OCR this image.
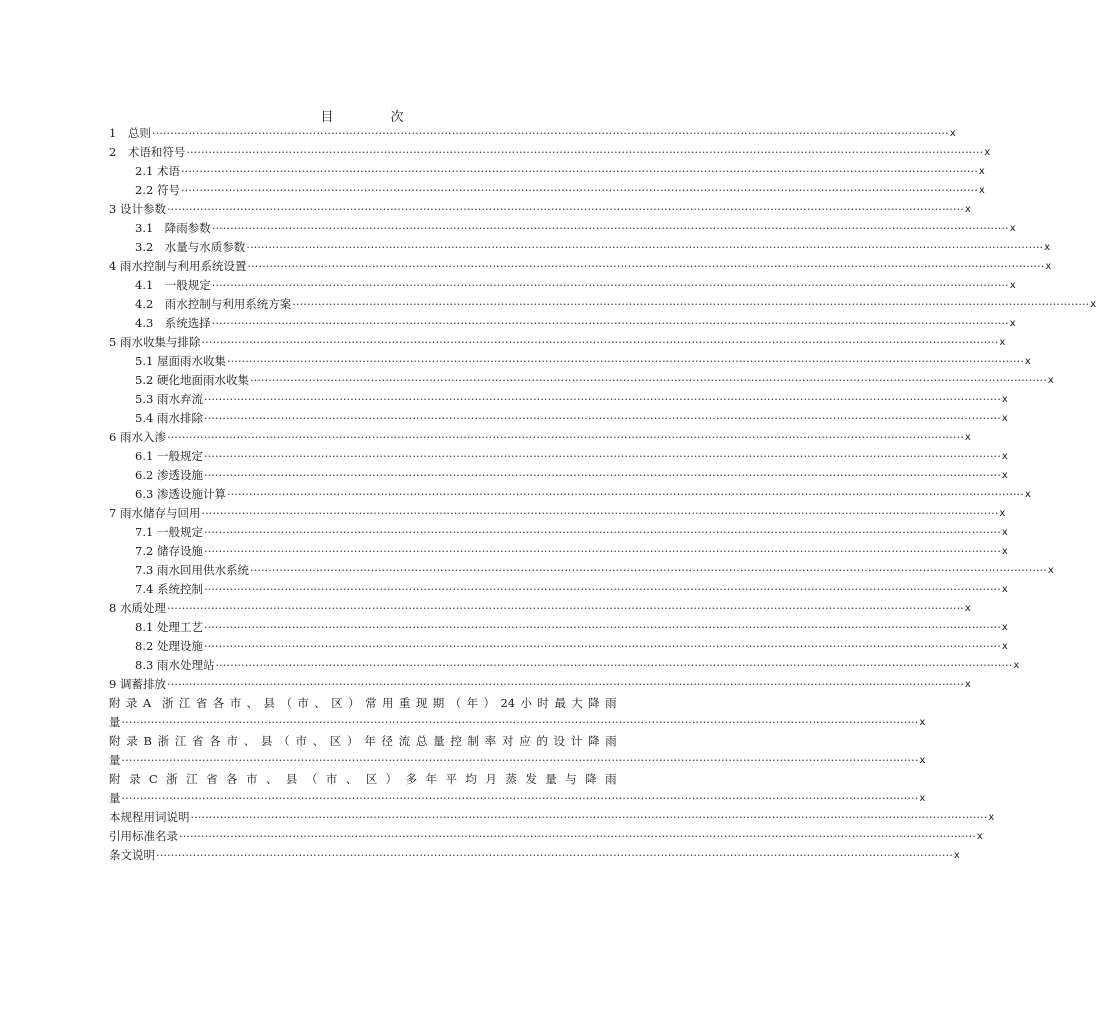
目　次
1　总则 ·························································································································································································································· x
2　术语和符号 ·························································································································································································································· x
2.1 术语 ·························································································································································································································· x
2.2 符号 ·························································································································································································································· x
3 设计参数 ·························································································································································································································· x
3.1　降雨参数 ·························································································································································································································· x
3.2　水量与水质参数 ·························································································································································································································· x
4 雨水控制与利用系统设置 ·························································································································································································································· x
4.1　一般规定 ·························································································································································································································· x
4.2　雨水控制与利用系统方案 ·························································································································································································································· x
4.3　系统选择 ·························································································································································································································· x
5 雨水收集与排除 ·························································································································································································································· x
5.1 屋面雨水收集 ·························································································································································································································· x
5.2 硬化地面雨水收集 ·························································································································································································································· x
5.3 雨水弃流 ·························································································································································································································· x
5.4 雨水排除 ·························································································································································································································· x
6 雨水入渗 ·························································································································································································································· x
6.1 一般规定 ·························································································································································································································· x
6.2 渗透设施 ·························································································································································································································· x
6.3 渗透设施计算 ·························································································································································································································· x
7 雨水储存与回用 ·························································································································································································································· x
7.1 一般规定 ·························································································································································································································· x
7.2 储存设施 ·························································································································································································································· x
7.3 雨水回用供水系统 ·························································································································································································································· x
7.4 系统控制 ·························································································································································································································· x
8 水质处理 ·························································································································································································································· x
8.1 处理工艺 ·························································································································································································································· x
8.2 处理设施 ·························································································································································································································· x
8.3 雨水处理站 ·························································································································································································································· x
9 调蓄排放 ·························································································································································································································· x
附 录 A 浙 江 省 各 市 、 县 （ 市 、 区 ） 常 用 重 现 期 （ 年 ） 24 小 时 最 大 降 雨
量 ·························································································································································································································· x
附 录 B 浙 江 省 各 市 、 县 （ 市 、 区 ） 年 径 流 总 量 控 制 率 对 应 的 设 计 降 雨
量 ·························································································································································································································· x
附 录 C 浙 江 省 各 市 、 县 （ 市 、 区 ） 多 年 平 均 月 蒸 发 量 与 降 雨
量 ·························································································································································································································· x
本规程用词说明 ·························································································································································································································· x
引用标准名录 ·························································································································································································································· x
条文说明 ·························································································································································································································· x
